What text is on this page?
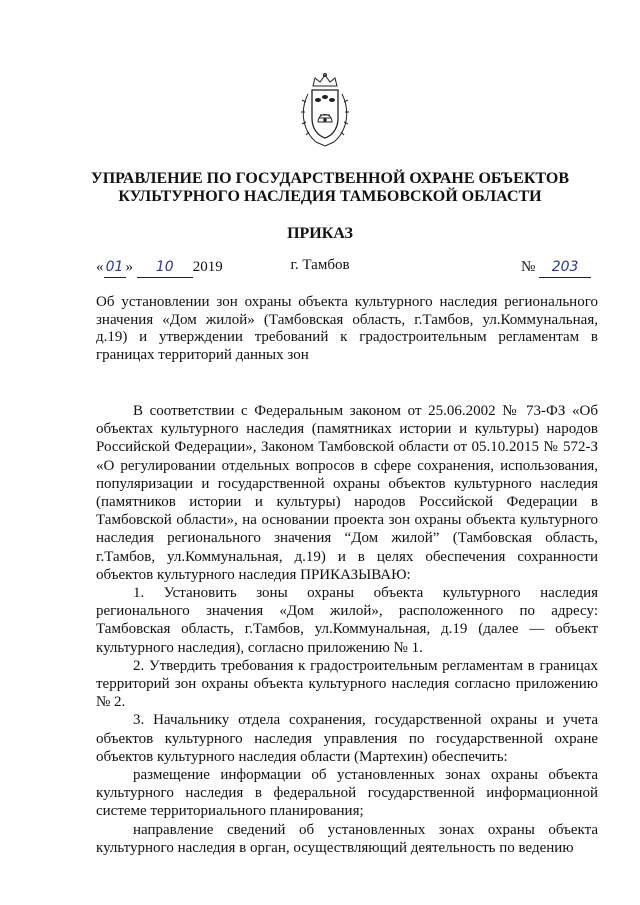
УПРАВЛЕНИЕ ПО ГОСУДАРСТВЕННОЙ ОХРАНЕ ОБЪЕКТОВ
КУЛЬТУРНОГО НАСЛЕДИЯ ТАМБОВСКОЙ ОБЛАСТИ
ПРИКАЗ
« 01 » 10 2019	г. Тамбов	№ 203
Об установлении зон охраны объекта культурного наследия регионального значения «Дом жилой» (Тамбовская область, г.Тамбов, ул.Коммунальная, д.19) и утверждении требований к градостроительным регламентам в границах территорий данных зон

В соответствии с Федеральным законом от 25.06.2002 № 73-ФЗ «Об объектах культурного наследия (памятниках истории и культуры) народов Российской Федерации», Законом Тамбовской области от 05.10.2015 № 572-З «О регулировании отдельных вопросов в сфере сохранения, использования, популяризации и государственной охраны объектов культурного наследия (памятников истории и культуры) народов Российской Федерации в Тамбовской области», на основании проекта зон охраны объекта культурного наследия регионального значения “Дом жилой” (Тамбовская область, г.Тамбов, ул.Коммунальная, д.19) и в целях обеспечения сохранности объектов культурного наследия ПРИКАЗЫВАЮ:

1. Установить зоны охраны объекта культурного наследия регионального значения «Дом жилой», расположенного по адресу: Тамбовская область, г.Тамбов, ул.Коммунальная, д.19 (далее — объект культурного наследия), согласно приложению № 1.

2. Утвердить требования к градостроительным регламентам в границах территорий зон охраны объекта культурного наследия согласно приложению № 2.

3. Начальнику отдела сохранения, государственной охраны и учета объектов культурного наследия управления по государственной охране объектов культурного наследия области (Мартехин) обеспечить:

размещение информации об установленных зонах охраны объекта культурного наследия в федеральной государственной информационной системе территориального планирования;

направление сведений об установленных зонах охраны объекта культурного наследия в орган, осуществляющий деятельность по ведению
